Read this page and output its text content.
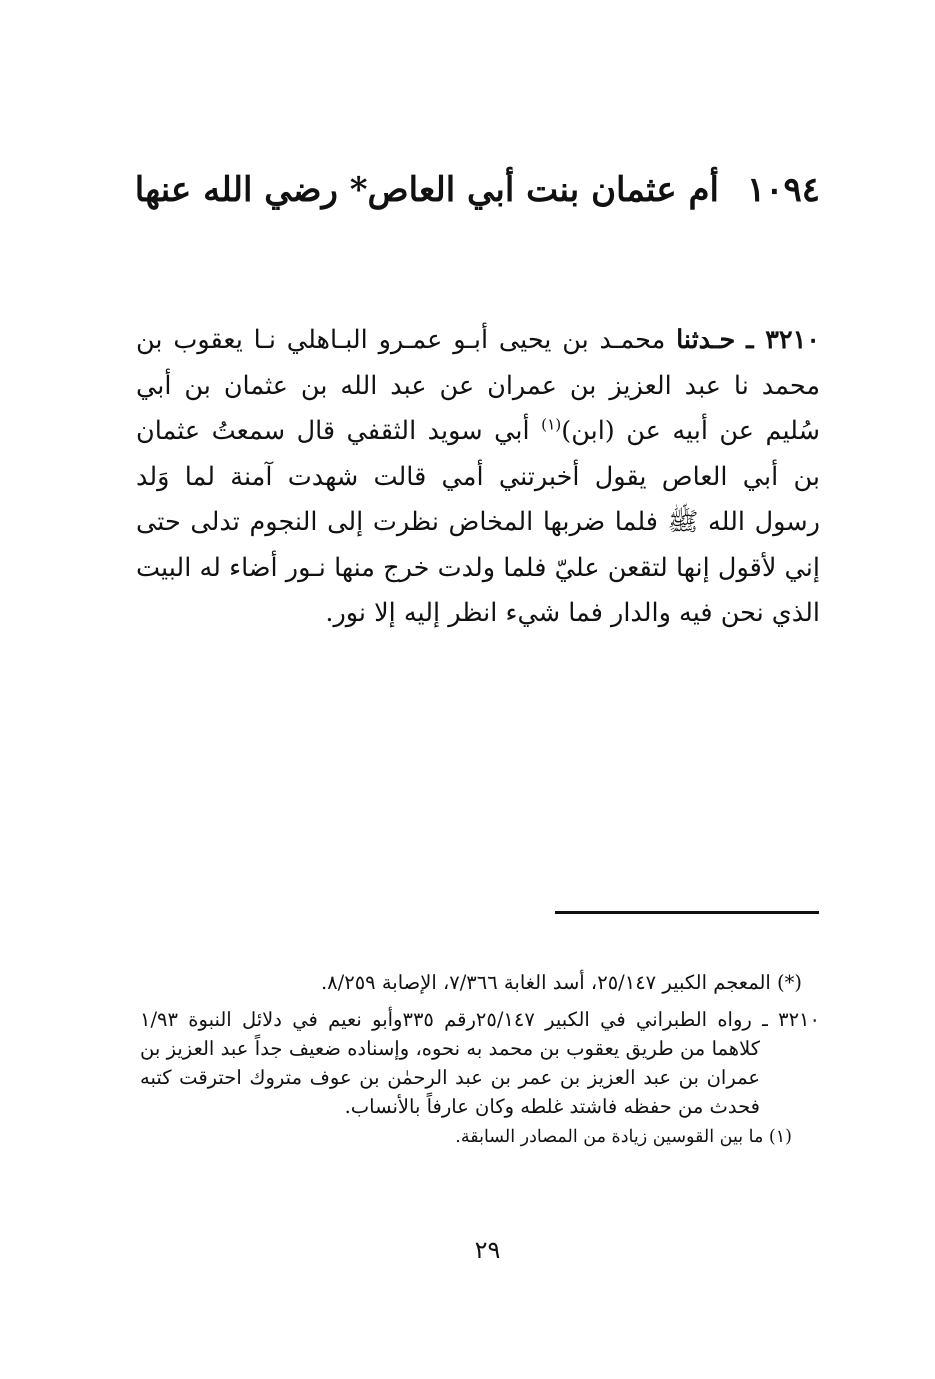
١٠٩٤أم عثمان بنت أبي العاص* رضي الله عنها
٣٢١٠ ـ حـدثنا محمـد بن يحيى أبـو عمـرو البـاهلي نـا يعقوب بن محمد نا عبد العزيز بن عمران عن عبد الله بن عثمان بن أبي سُليم عن أبيه عن (ابن)$^{(١)}$ أبي سويد الثقفي قال سمعتُ عثمان بن أبي العاص يقول أخبرتني أمي قالت شهدت آمنة لما وَلد رسول الله ﷺ فلما ضربها المخاض نظرت إلى النجوم تدلى حتى إني لأقول إنها لتقعن عليّ فلما ولدت خرج منها نـور أضاء له البيت الذي نحن فيه والدار فما شيء انظر إليه إلا نور.
(*) المعجم الكبير ٢٥/١٤٧، أسد الغابة ٧/٣٦٦، الإصابة ٨/٢٥٩.
٣٢١٠ ـ رواه الطبراني في الكبير ٢٥/١٤٧رقم ٣٣٥وأبو نعيم في دلائل النبوة ١/٩٣ كلاهما من طريق يعقوب بن محمد به نحوه، وإسناده ضعيف جداً عبد العزيز بن عمران بن عبد العزيز بن عمر بن عبد الرحمٰن بن عوف متروك احترقت كتبه فحدث من حفظه فاشتد غلطه وكان عارفاً بالأنساب.
(١) ما بين القوسين زيادة من المصادر السابقة.
٢٩
